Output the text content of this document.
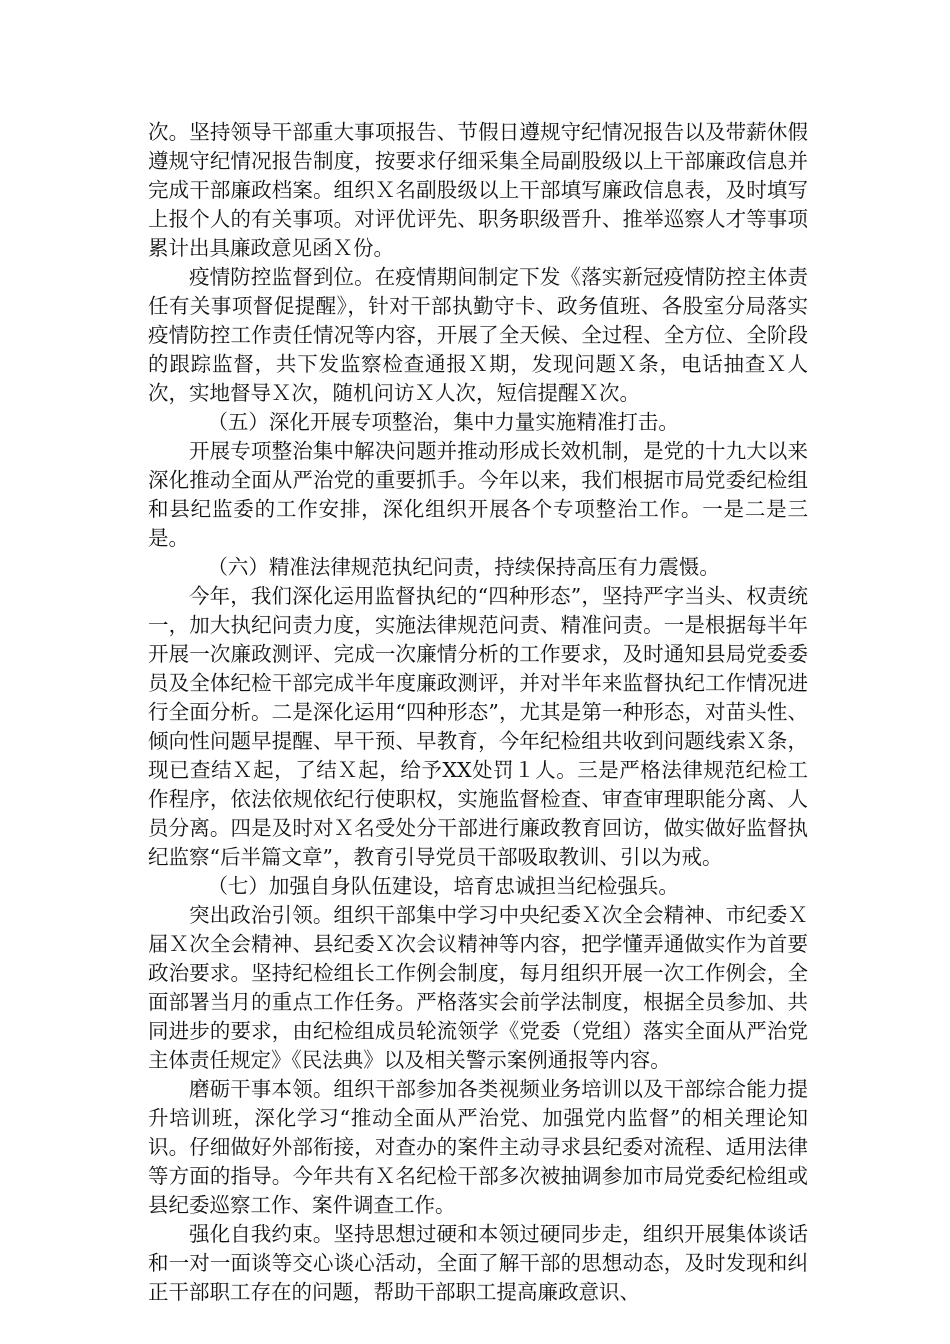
次。坚持领导干部重大事项报告、节假日遵规守纪情况报告以及带薪休假遵规守纪情况报告制度，按要求仔细采集全局副股级以上干部廉政信息并完成干部廉政档案。组织Ｘ名副股级以上干部填写廉政信息表，及时填写上报个人的有关事项。对评优评先、职务职级晋升、推举巡察人才等事项累计出具廉政意见函Ｘ份。

疫情防控监督到位。在疫情期间制定下发《落实新冠疫情防控主体责任有关事项督促提醒》，针对干部执勤守卡、政务值班、各股室分局落实疫情防控工作责任情况等内容，开展了全天候、全过程、全方位、全阶段的跟踪监督，共下发监察检查通报Ｘ期，发现问题Ｘ条，电话抽查Ｘ人次，实地督导Ｘ次，随机问访Ｘ人次，短信提醒Ｘ次。

（五）深化开展专项整治，集中力量实施精准打击。

开展专项整治集中解决问题并推动形成长效机制，是党的十九大以来深化推动全面从严治党的重要抓手。今年以来，我们根据市局党委纪检组和县纪监委的工作安排，深化组织开展各个专项整治工作。一是二是三是。

（六）精准法律规范执纪问责，持续保持高压有力震慑。

今年，我们深化运用监督执纪的“四种形态”，坚持严字当头、权责统一，加大执纪问责力度，实施法律规范问责、精准问责。一是根据每半年开展一次廉政测评、完成一次廉情分析的工作要求，及时通知县局党委委员及全体纪检干部完成半年度廉政测评，并对半年来监督执纪工作情况进行全面分析。二是深化运用“四种形态”，尤其是第一种形态，对苗头性、倾向性问题早提醒、早干预、早教育，今年纪检组共收到问题线索Ｘ条，现已查结Ｘ起，了结Ｘ起，给予XX处罚１人。三是严格法律规范纪检工作程序，依法依规依纪行使职权，实施监督检查、审查审理职能分离、人员分离。四是及时对Ｘ名受处分干部进行廉政教育回访，做实做好监督执纪监察“后半篇文章”，教育引导党员干部吸取教训、引以为戒。

（七）加强自身队伍建设，培育忠诚担当纪检强兵。

突出政治引领。组织干部集中学习中央纪委Ｘ次全会精神、市纪委Ｘ届Ｘ次全会精神、县纪委Ｘ次会议精神等内容，把学懂弄通做实作为首要政治要求。坚持纪检组长工作例会制度，每月组织开展一次工作例会，全面部署当月的重点工作任务。严格落实会前学法制度，根据全员参加、共同进步的要求，由纪检组成员轮流领学《党委（党组）落实全面从严治党主体责任规定》《民法典》以及相关警示案例通报等内容。

磨砺干事本领。组织干部参加各类视频业务培训以及干部综合能力提升培训班，深化学习“推动全面从严治党、加强党内监督”的相关理论知识。仔细做好外部衔接，对查办的案件主动寻求县纪委对流程、适用法律等方面的指导。今年共有Ｘ名纪检干部多次被抽调参加市局党委纪检组或县纪委巡察工作、案件调查工作。

强化自我约束。坚持思想过硬和本领过硬同步走，组织开展集体谈话和一对一面谈等交心谈心活动，全面了解干部的思想动态，及时发现和纠正干部职工存在的问题，帮助干部职工提高廉政意识、
